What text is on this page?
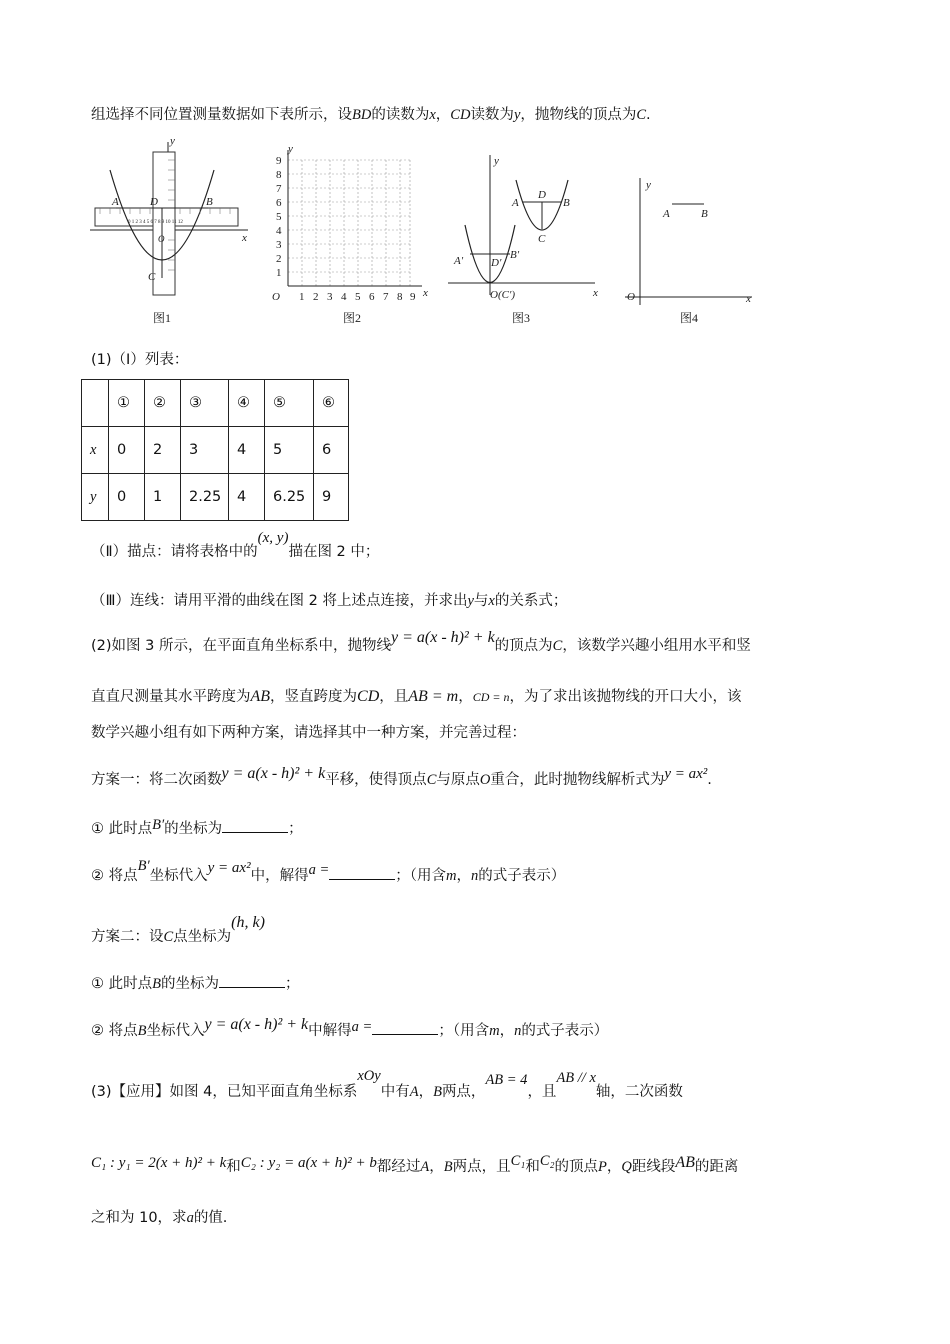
组选择不同位置测量数据如下表所示，设BD的读数为x，CD读数为y，抛物线的顶点为C.
0 1 2 3 4 5 6 7 8 9 10 11 12
y
x
A	B
D
C
O
图1
y
x
O 1 2 3 4 5 6 7 8 9
1
2
3
4
5
6
7
8
9
图2
y
x
A	B
D
C
A′	B′
D′
O(C′)
图3
y
x
O
A	B
图4
(1)（Ⅰ）列表：
	①	②	③	④	⑤	⑥
x	0	2	3	4	5	6
y	0	1	2.25	4	6.25	9
（Ⅱ）描点：请将表格中的(x, y)描在图 2 中；
（Ⅲ）连线：请用平滑的曲线在图 2 将上述点连接，并求出y与x的关系式；
(2)如图 3 所示，在平面直角坐标系中，抛物线y = a(x - h)² + k的顶点为C，该数学兴趣小组用水平和竖
直直尺测量其水平跨度为AB，竖直跨度为CD，且AB = m，CD = n，为了求出该抛物线的开口大小，该
数学兴趣小组有如下两种方案，请选择其中一种方案，并完善过程：
方案一：将二次函数y = a(x - h)² + k平移，使得顶点C与原点O重合，此时抛物线解析式为y = ax².
① 此时点B′的坐标为	；
② 将点B′坐标代入y = ax²中，解得a =	；（用含m，n的式子表示）
方案二：设C点坐标为(h, k)
① 此时点B的坐标为	；
② 将点B坐标代入y = a(x - h)² + k中解得a =	；（用含m，n的式子表示）
(3)【应用】如图 4，已知平面直角坐标系xOy中有A，B两点，AB = 4，且AB // x轴，二次函数
C₁ : y₁ = 2(x + h)² + k和C₂ : y₂ = a(x + h)² + b都经过A，B两点，且C₁和C₂的顶点P，Q距线段AB的距离
之和为 10，求a的值.
